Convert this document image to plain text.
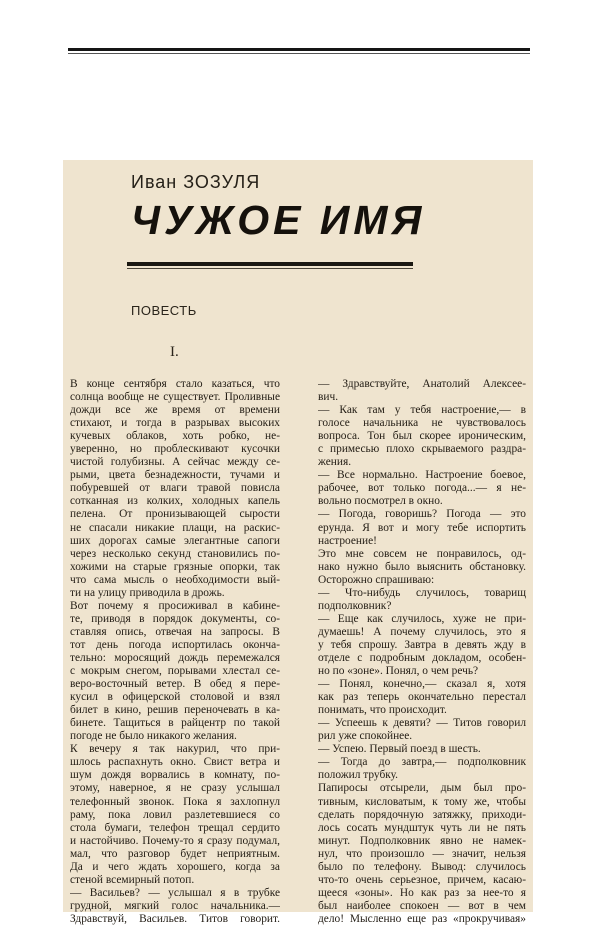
Иван ЗОЗУЛЯ
ЧУЖОЕ ИМЯ
ПОВЕСТЬ
I.
В конце сентября стало казаться, что
солнца вообще не существует. Проливные
дожди все же время от времени
стихают, и тогда в разрывах высоких
кучевых облаков, хоть робко, не-
уверенно, но проблескивают кусочки
чистой голубизны. А сейчас между се-
рыми, цвета безнадежности, тучами и
побуревшей от влаги травой повисла
сотканная из колких, холодных капель
пелена. От пронизывающей сырости
не спасали никакие плащи, на раскис-
ших дорогах самые элегантные сапоги
через несколько секунд становились по-
хожими на старые грязные опорки, так
что сама мысль о необходимости вый-
ти на улицу приводила в дрожь.
Вот почему я просиживал в кабине-
те, приводя в порядок документы, со-
ставляя опись, отвечая на запросы. В
тот день погода испортилась оконча-
тельно: моросящий дождь перемежался
с мокрым снегом, порывами хлестал се-
веро-восточный ветер. В обед я пере-
кусил в офицерской столовой и взял
билет в кино, решив переночевать в ка-
бинете. Тащиться в райцентр по такой
погоде не было никакого желания.
К вечеру я так накурил, что при-
шлось распахнуть окно. Свист ветра и
шум дождя ворвались в комнату, по-
этому, наверное, я не сразу услышал
телефонный звонок. Пока я захлопнул
раму, пока ловил разлетевшиеся со
стола бумаги, телефон трещал сердито
и настойчиво. Почему-то я сразу подумал,
мал, что разговор будет неприятным.
Да и чего ждать хорошего, когда за
стеной всемирный потоп.
— Васильев? — услышал я в трубке
грудной, мягкий голос начальника.—
Здравствуй, Васильев. Титов говорит.
— Здравствуйте, Анатолий Алексее-
вич.
— Как там у тебя настроение,— в
голосе начальника не чувствовалось
вопроса. Тон был скорее ироническим,
с примесью плохо скрываемого раздра-
жения.
— Все нормально. Настроение боевое,
рабочее, вот только погода...— я не-
вольно посмотрел в окно.
— Погода, говоришь? Погода — это
ерунда. Я вот и могу тебе испортить
настроение!
Это мне совсем не понравилось, од-
нако нужно было выяснить обстановку.
Осторожно спрашиваю:
— Что-нибудь случилось, товарищ
подполковник?
— Еще как случилось, хуже не при-
думаешь! А почему случилось, это я
у тебя спрошу. Завтра в девять жду в
отделе с подробным докладом, особен-
но по «зоне». Понял, о чем речь?
— Понял, конечно,— сказал я, хотя
как раз теперь окончательно перестал
понимать, что происходит.
— Успеешь к девяти? — Титов говорил
рил уже спокойнее.
— Успею. Первый поезд в шесть.
— Тогда до завтра,— подполковник
положил трубку.
Папиросы отсырели, дым был про-
тивным, кисловатым, к тому же, чтобы
сделать порядочную затяжку, приходи-
лось сосать мундштук чуть ли не пять
минут. Подполковник явно не намек-
нул, что произошло — значит, нельзя
было по телефону. Вывод: случилось
что-то очень серьезное, причем, касаю-
щееся «зоны». Но как раз за нее-то я
был наиболее спокоен — вот в чем
дело! Мысленно еще раз «прокручивая»
